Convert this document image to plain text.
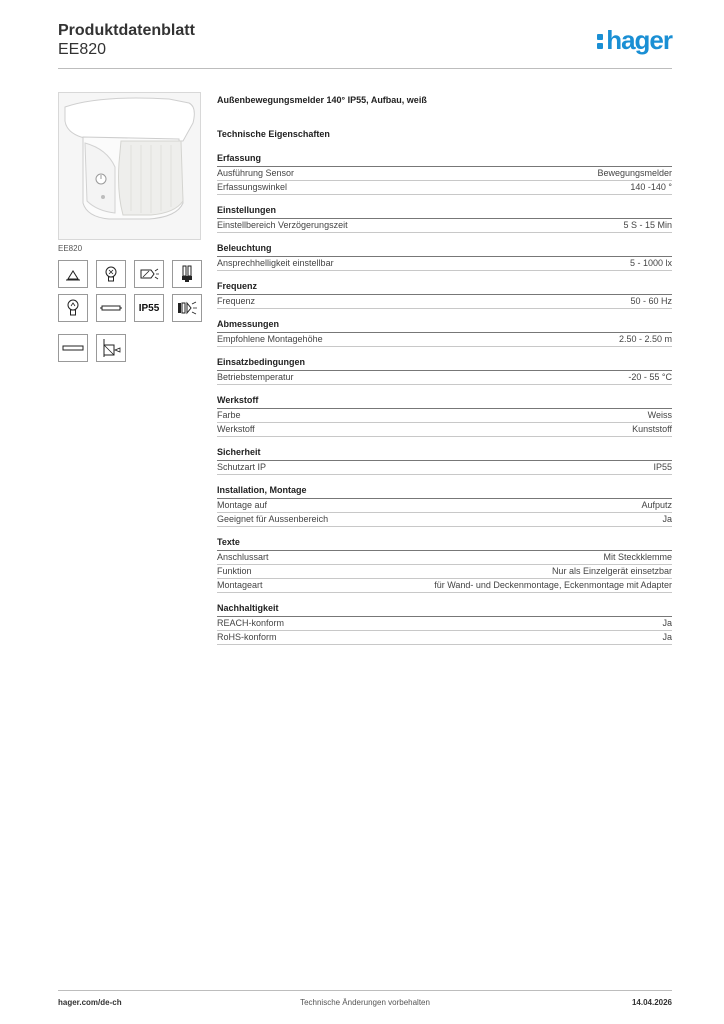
Produktdatenblatt
EE820	hager
EE820
IP55
Außenbewegungsmelder 140° IP55, Aufbau, weiß
Technische Eigenschaften
Erfassung
Ausführung Sensor	Bewegungsmelder
Erfassungswinkel	140 -140 °
Einstellungen
Einstellbereich Verzögerungszeit	5 S - 15 Min
Beleuchtung
Ansprechhelligkeit einstellbar	5 - 1000 lx
Frequenz
Frequenz	50 - 60 Hz
Abmessungen
Empfohlene Montagehöhe	2.50 - 2.50 m
Einsatzbedingungen
Betriebstemperatur	-20 - 55 °C
Werkstoff
Farbe	Weiss
Werkstoff	Kunststoff
Sicherheit
Schutzart IP	IP55
Installation, Montage
Montage auf	Aufputz
Geeignet für Aussenbereich	Ja
Texte
Anschlussart	Mit Steckklemme
Funktion	Nur als Einzelgerät einsetzbar
Montageart	für Wand- und Deckenmontage, Eckenmontage mit Adapter
Nachhaltigkeit
REACH-konform	Ja
RoHS-konform	Ja
hager.com/de-ch	Technische Änderungen vorbehalten	14.04.2026
